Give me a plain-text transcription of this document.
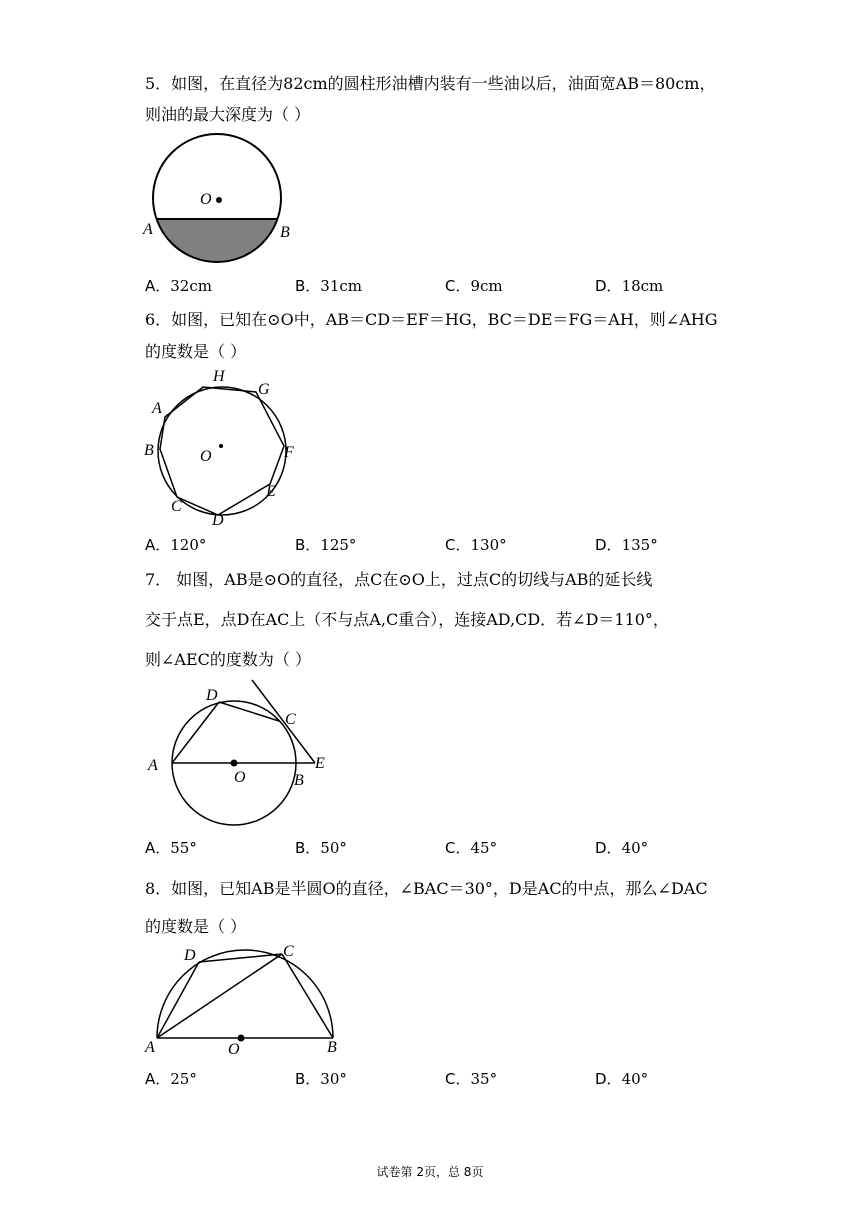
5．如图，在直径为82cm的圆柱形油槽内装有一些油以后，油面宽AB＝80cm，
则油的最大深度为（ ）
O
A	B
A．32cm	B．31cm	C．9cm	D．18cm
6．如图，已知在⊙O中，AB＝CD＝EF＝HG，BC＝DE＝FG＝AH，则∠AHG
的度数是（ ）
H
G
A
B	O	F
C
E
D
A．120°	B．125°	C．130°	D．135°
7． 如图，AB是⊙O的直径，点C在⊙O上，过点C的切线与AB的延长线
交于点E，点D在AC上（不与点A,C重合），连接AD,CD．若∠D＝110°，
则∠AEC的度数为（ ）
D
C
A
O	B
E
A．55°	B．50°	C．45°	D．40°
8．如图，已知AB是半圆O的直径，∠BAC＝30°，D是AC的中点，那么∠DAC
的度数是（ ）
D	C
A	O	B
A．25°	B．30°	C．35°	D．40°
试卷第 2页，总 8页
